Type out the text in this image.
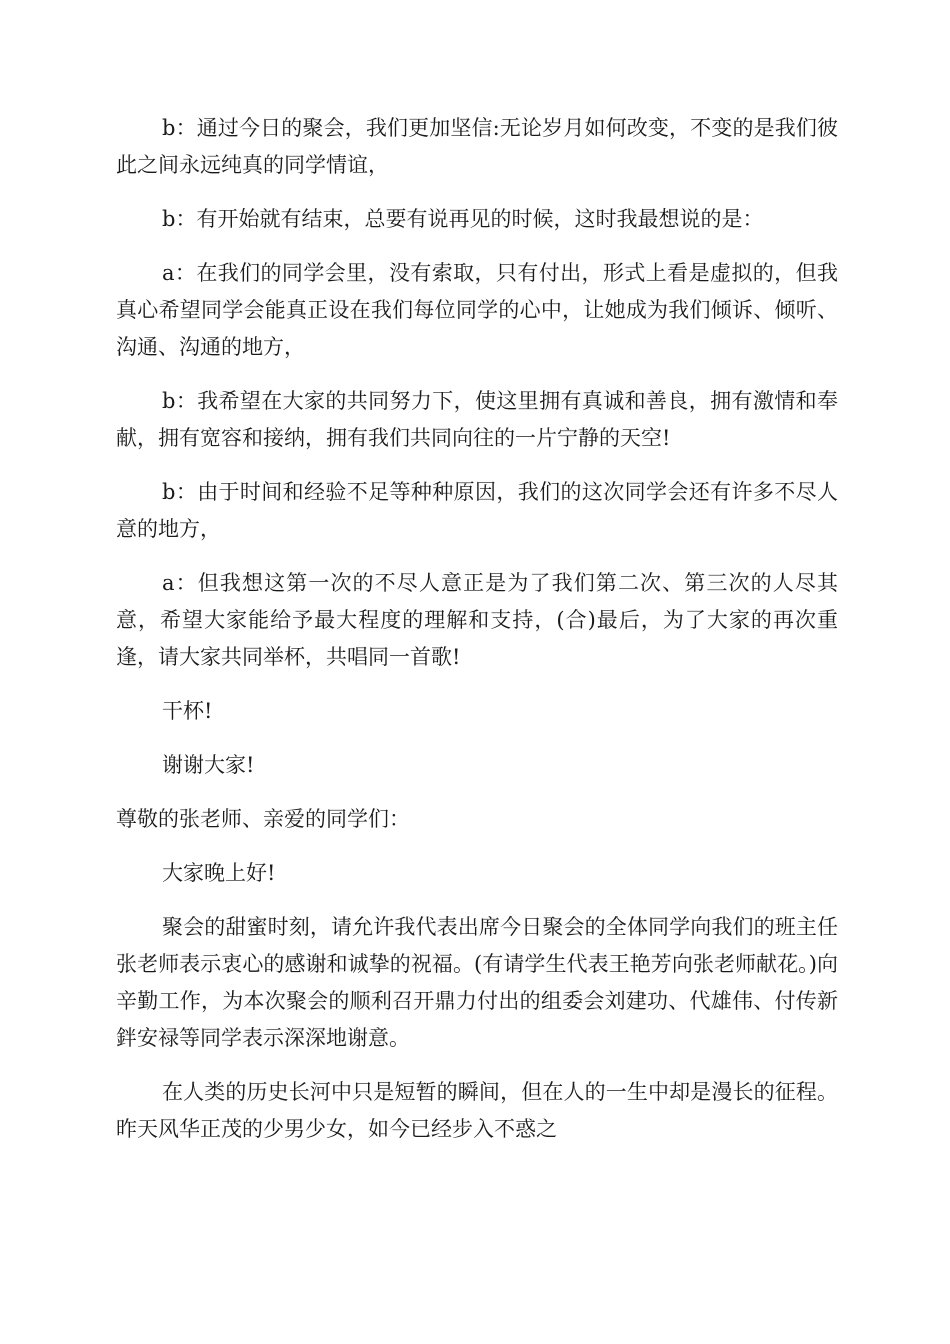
b：通过今日的聚会，我们更加坚信:无论岁月如何改变，不变的是我们彼此之间永远纯真的同学情谊，

b：有开始就有结束，总要有说再见的时候，这时我最想说的是：

a：在我们的同学会里，没有索取，只有付出，形式上看是虚拟的，但我真心希望同学会能真正设在我们每位同学的心中，让她成为我们倾诉、倾听、沟通、沟通的地方，

b：我希望在大家的共同努力下，使这里拥有真诚和善良，拥有激情和奉献，拥有宽容和接纳，拥有我们共同向往的一片宁静的天空!

b：由于时间和经验不足等种种原因，我们的这次同学会还有许多不尽人意的地方，

a：但我想这第一次的不尽人意正是为了我们第二次、第三次的人尽其意，希望大家能给予最大程度的理解和支持，(合)最后，为了大家的再次重逢，请大家共同举杯，共唱同一首歌!

干杯!

谢谢大家!

尊敬的张老师、亲爱的同学们：

大家晚上好!

聚会的甜蜜时刻，请允许我代表出席今日聚会的全体同学向我们的班主任张老师表示衷心的感谢和诚挚的祝福。(有请学生代表王艳芳向张老师献花。)向辛勤工作，为本次聚会的顺利召开鼎力付出的组委会刘建功、代雄伟、付传新鉡安禄等同学表示深深地谢意。

在人类的历史长河中只是短暂的瞬间，但在人的一生中却是漫长的征程。昨天风华正茂的少男少女，如今已经步入不惑之
